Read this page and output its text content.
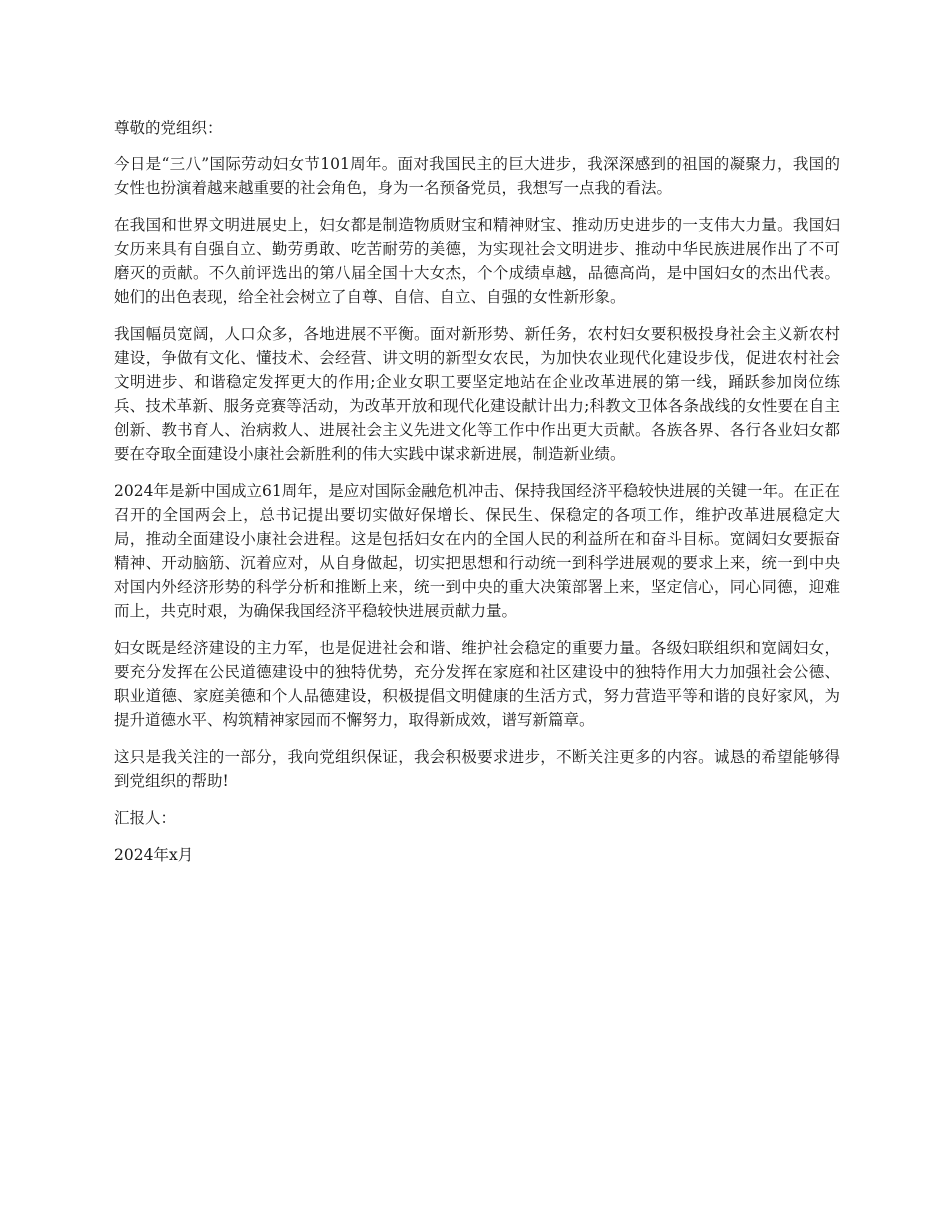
尊敬的党组织：

今日是“三八”国际劳动妇女节101周年。面对我国民主的巨大进步，我深深感到的祖国的凝聚力，我国的女性也扮演着越来越重要的社会角色，身为一名预备党员，我想写一点我的看法。

在我国和世界文明进展史上，妇女都是制造物质财宝和精神财宝、推动历史进步的一支伟大力量。我国妇女历来具有自强自立、勤劳勇敢、吃苦耐劳的美德，为实现社会文明进步、推动中华民族进展作出了不可磨灭的贡献。不久前评选出的第八届全国十大女杰，个个成绩卓越，品德高尚，是中国妇女的杰出代表。她们的出色表现，给全社会树立了自尊、自信、自立、自强的女性新形象。

我国幅员宽阔，人口众多，各地进展不平衡。面对新形势、新任务，农村妇女要积极投身社会主义新农村建设，争做有文化、懂技术、会经营、讲文明的新型女农民，为加快农业现代化建设步伐，促进农村社会文明进步、和谐稳定发挥更大的作用;企业女职工要坚定地站在企业改革进展的第一线，踊跃参加岗位练兵、技术革新、服务竞赛等活动，为改革开放和现代化建设献计出力;科教文卫体各条战线的女性要在自主创新、教书育人、治病救人、进展社会主义先进文化等工作中作出更大贡献。各族各界、各行各业妇女都要在夺取全面建设小康社会新胜利的伟大实践中谋求新进展，制造新业绩。

2024年是新中国成立61周年，是应对国际金融危机冲击、保持我国经济平稳较快进展的关键一年。在正在召开的全国两会上，总书记提出要切实做好保增长、保民生、保稳定的各项工作，维护改革进展稳定大局，推动全面建设小康社会进程。这是包括妇女在内的全国人民的利益所在和奋斗目标。宽阔妇女要振奋精神、开动脑筋、沉着应对，从自身做起，切实把思想和行动统一到科学进展观的要求上来，统一到中央对国内外经济形势的科学分析和推断上来，统一到中央的重大决策部署上来，坚定信心，同心同德，迎难而上，共克时艰，为确保我国经济平稳较快进展贡献力量。

妇女既是经济建设的主力军，也是促进社会和谐、维护社会稳定的重要力量。各级妇联组织和宽阔妇女，要充分发挥在公民道德建设中的独特优势，充分发挥在家庭和社区建设中的独特作用大力加强社会公德、职业道德、家庭美德和个人品德建设，积极提倡文明健康的生活方式，努力营造平等和谐的良好家风，为提升道德水平、构筑精神家园而不懈努力，取得新成效，谱写新篇章。

这只是我关注的一部分，我向党组织保证，我会积极要求进步，不断关注更多的内容。诚恳的希望能够得到党组织的帮助!

汇报人：

2024年x月
